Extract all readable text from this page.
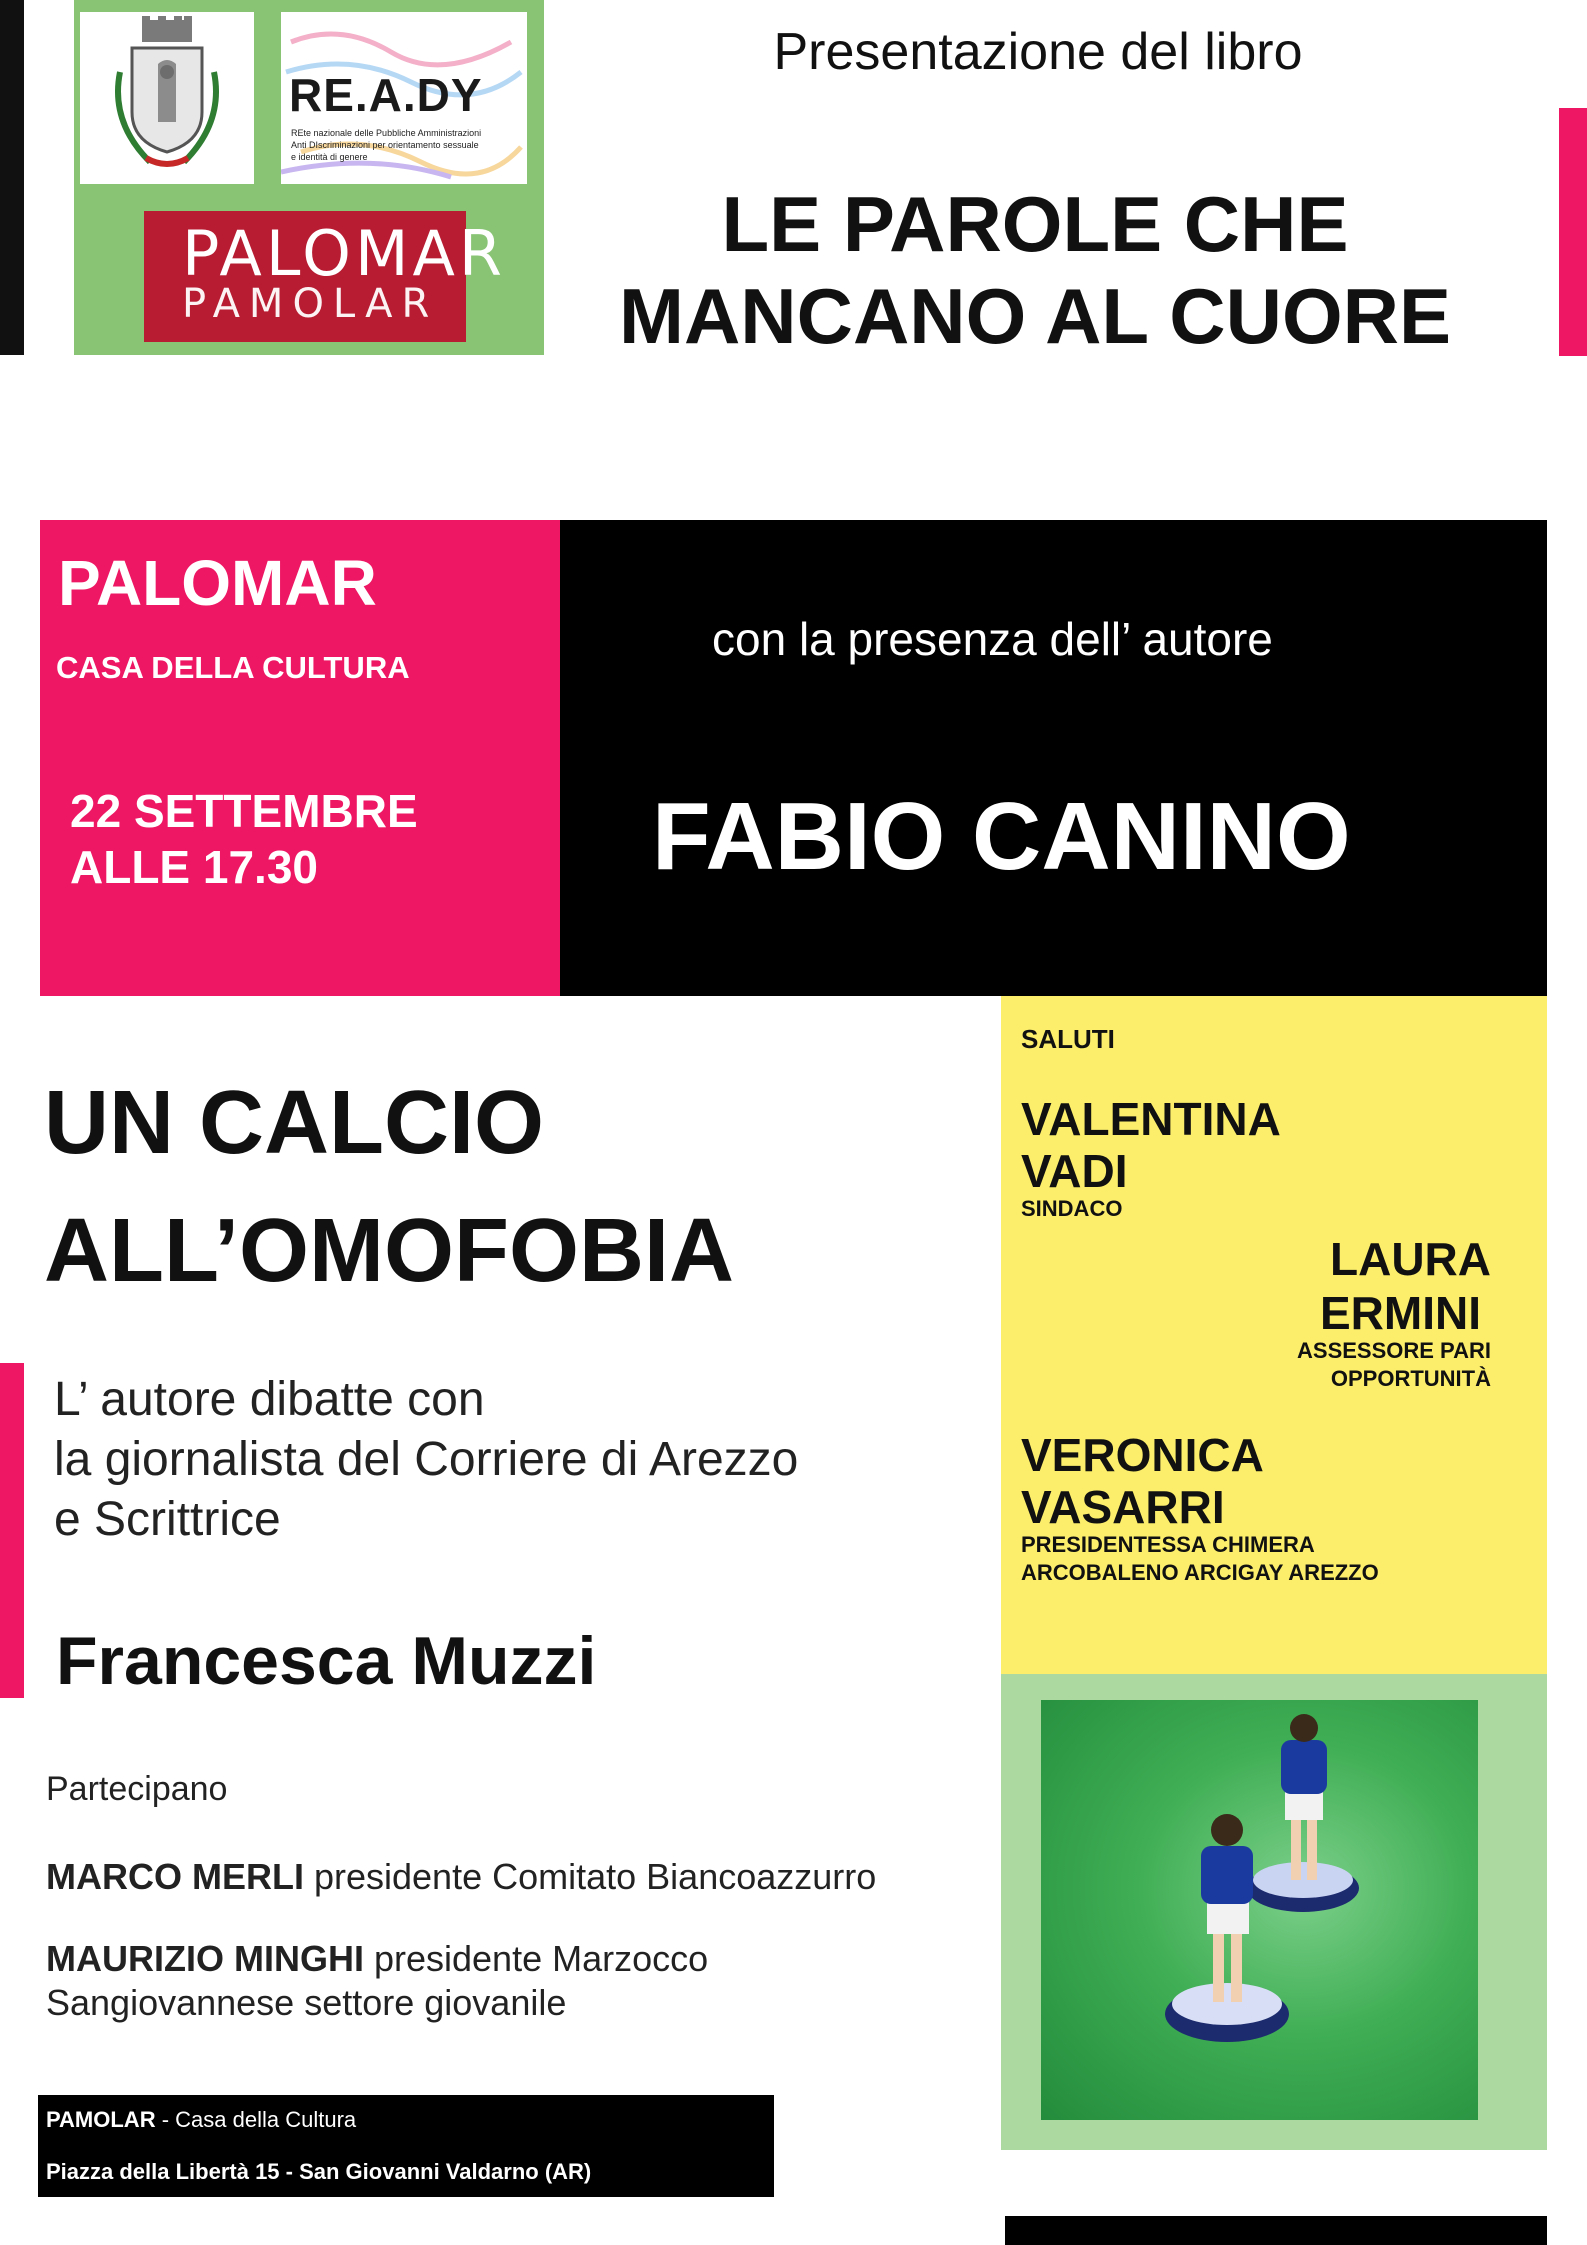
RE.A.DY
REte nazionale delle Pubbliche Amministrazioni
Anti DIscriminazioni per orientamento sessuale
e identità di genere
PALOMAR
PAMOLAR
Presentazione del libro
LE PAROLE CHE
MANCANO AL CUORE
PALOMAR
CASA DELLA CULTURA
22 SETTEMBRE
ALLE 17.30
con la presenza dell’ autore
FABIO CANINO
UN CALCIO
ALL’OMOFOBIA
L’ autore dibatte con
la giornalista del Corriere di Arezzo
e Scrittrice
Francesca Muzzi
Partecipano
MARCO MERLI presidente Comitato Biancoazzurro
MAURIZIO MINGHI presidente Marzocco
Sangiovannese settore giovanile
SALUTI
VALENTINA
VADI
SINDACO
LAURA
ERMINI
ASSESSORE PARI
OPPORTUNITÀ
VERONICA
VASARRI
PRESIDENTESSA CHIMERA
ARCOBALENO ARCIGAY AREZZO
PAMOLAR - Casa della Cultura
Piazza della Libertà 15 - San Giovanni Valdarno (AR)
